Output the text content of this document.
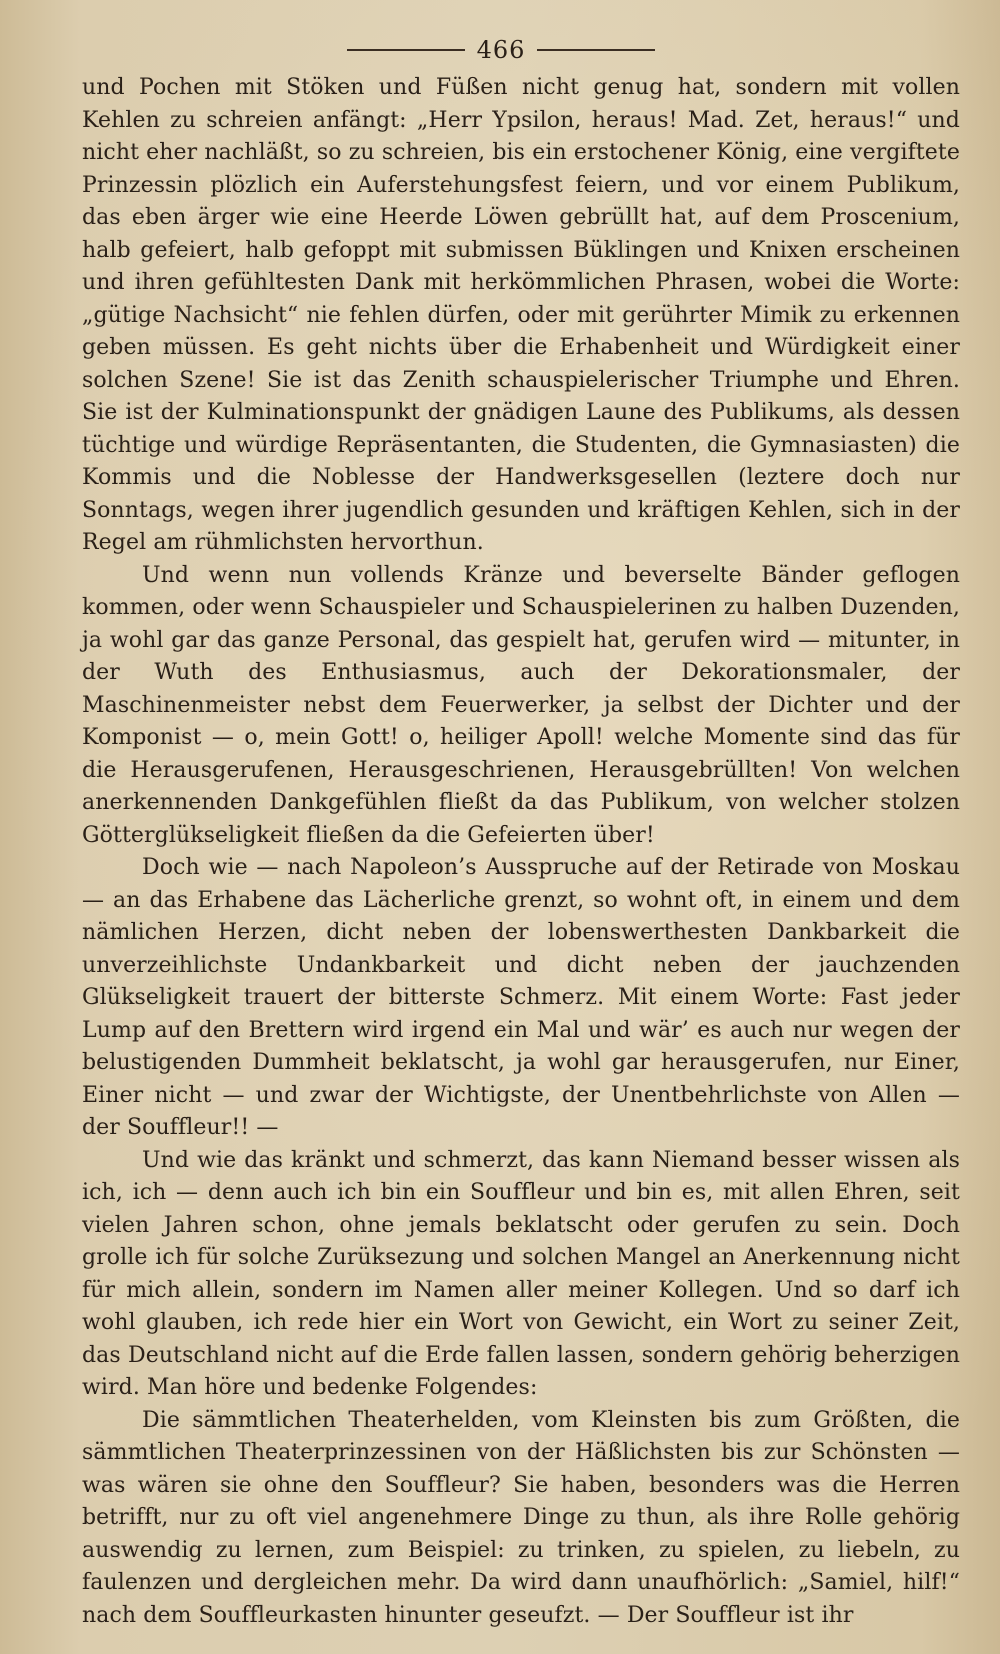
466

und Pochen mit Stöken und Füßen nicht genug hat, sondern mit vollen Kehlen zu schreien anfängt: „Herr Ypsilon, heraus! Mad. Zet, heraus!“ und nicht eher nachläßt, so zu schreien, bis ein erstochener König, eine vergiftete Prinzessin plözlich ein Auferstehungsfest feiern, und vor einem Publikum, das eben ärger wie eine Heerde Löwen gebrüllt hat, auf dem Proscenium, halb gefeiert, halb gefoppt mit submissen Büklingen und Knixen erscheinen und ihren gefühltesten Dank mit herkömmlichen Phrasen, wobei die Worte: „gütige Nachsicht“ nie fehlen dürfen, oder mit gerührter Mimik zu erkennen geben müssen. Es geht nichts über die Erhabenheit und Würdigkeit einer solchen Szene! Sie ist das Zenith schauspielerischer Triumphe und Ehren. Sie ist der Kulminationspunkt der gnädigen Laune des Publikums, als dessen tüchtige und würdige Repräsentanten, die Studenten, die Gymnasiasten) die Kommis und die Noblesse der Handwerksgesellen (leztere doch nur Sonntags, wegen ihrer jugendlich gesunden und kräftigen Kehlen, sich in der Regel am rühmlichsten hervorthun.

Und wenn nun vollends Kränze und beverselte Bänder geflogen kommen, oder wenn Schauspieler und Schauspielerinen zu halben Duzenden, ja wohl gar das ganze Personal, das gespielt hat, gerufen wird — mitunter, in der Wuth des Enthusiasmus, auch der Dekorationsmaler, der Maschinenmeister nebst dem Feuerwerker, ja selbst der Dichter und der Komponist — o, mein Gott! o, heiliger Apoll! welche Momente sind das für die Herausgerufenen, Herausgeschrienen, Herausgebrüllten! Von welchen anerkennenden Dankgefühlen fließt da das Publikum, von welcher stolzen Götterglükseligkeit fließen da die Gefeierten über!

Doch wie — nach Napoleon’s Ausspruche auf der Retirade von Moskau — an das Erhabene das Lächerliche grenzt, so wohnt oft, in einem und dem nämlichen Herzen, dicht neben der lobenswerthesten Dankbarkeit die unverzeihlichste Undankbarkeit und dicht neben der jauchzenden Glükseligkeit trauert der bitterste Schmerz. Mit einem Worte: Fast jeder Lump auf den Brettern wird irgend ein Mal und wär’ es auch nur wegen der belustigenden Dummheit beklatscht, ja wohl gar herausgerufen, nur Einer, Einer nicht — und zwar der Wichtigste, der Unentbehrlichste von Allen — der Souffleur!! —

Und wie das kränkt und schmerzt, das kann Niemand besser wissen als ich, ich — denn auch ich bin ein Souffleur und bin es, mit allen Ehren, seit vielen Jahren schon, ohne jemals beklatscht oder gerufen zu sein. Doch grolle ich für solche Zurüksezung und solchen Mangel an Anerkennung nicht für mich allein, sondern im Namen aller meiner Kollegen. Und so darf ich wohl glauben, ich rede hier ein Wort von Gewicht, ein Wort zu seiner Zeit, das Deutschland nicht auf die Erde fallen lassen, sondern gehörig beherzigen wird. Man höre und bedenke Folgendes:

Die sämmtlichen Theaterhelden, vom Kleinsten bis zum Größten, die sämmtlichen Theaterprinzessinen von der Häßlichsten bis zur Schönsten — was wären sie ohne den Souffleur? Sie haben, besonders was die Herren betrifft, nur zu oft viel angenehmere Dinge zu thun, als ihre Rolle gehörig auswendig zu lernen, zum Beispiel: zu trinken, zu spielen, zu liebeln, zu faulenzen und dergleichen mehr. Da wird dann unaufhörlich: „Samiel, hilf!“ nach dem Souffleurkasten hinunter geseufzt. — Der Souffleur ist ihr
